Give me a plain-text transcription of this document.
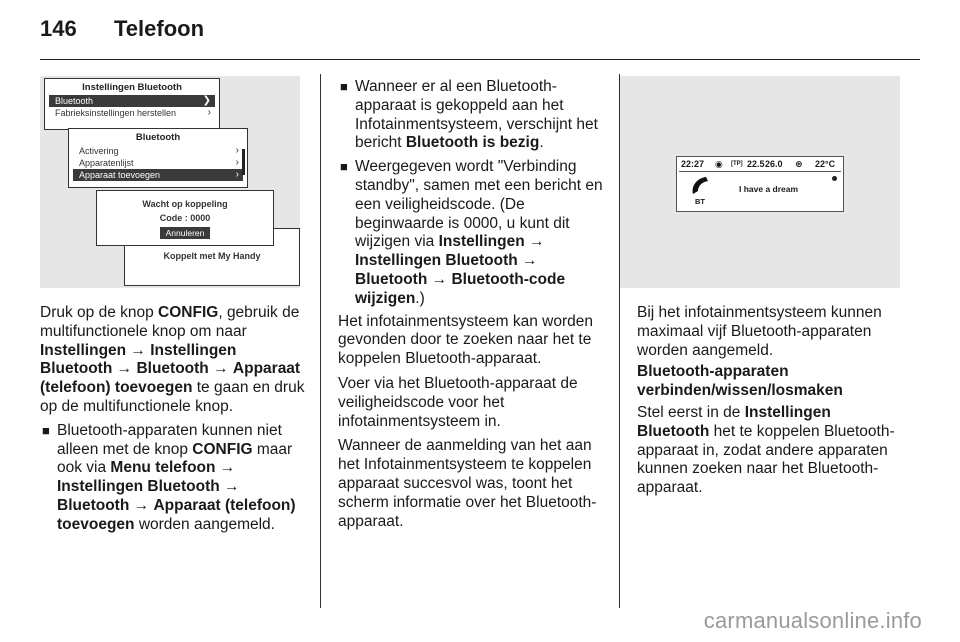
146 Telefoon
Instellingen Bluetooth
Bluetooth	❯
Fabrieksinstellingen herstellen	›
Bluetooth
Activering	›
Apparatenlijst	›
Apparaat toevoegen	›
Koppelt met My Handy
Wacht op koppeling
Code : 0000
Annuleren
22:27 ◉ [TP] 22.5 26.0 ⊛ 22°C
I have a dream
BT

Druk op de knop CONFIG, gebruik de multifunctionele knop om naar Instellingen → Instellingen Bluetooth → Bluetooth → Apparaat (telefoon) toevoegen te gaan en druk op de multifunctionele knop.

■ Bluetooth-apparaten kunnen niet alleen met de knop CONFIG maar ook via Menu telefoon → Instellingen Bluetooth → Bluetooth → Apparaat (telefoon) toevoegen worden aangemeld.
■ Wanneer er al een Bluetooth-apparaat is gekoppeld aan het Infotainmentsysteem, verschijnt het bericht Bluetooth is bezig.
■ Weergegeven wordt "Verbinding standby", samen met een bericht en een veiligheidscode. (De beginwaarde is 0000, u kunt dit wijzigen via Instellingen → Instellingen Bluetooth → Bluetooth → Bluetooth-code wijzigen.)

Het infotainmentsysteem kan worden gevonden door te zoeken naar het te koppelen Bluetooth-apparaat.

Voer via het Bluetooth-apparaat de veiligheidscode voor het infotainmentsysteem in.

Wanneer de aanmelding van het aan het Infotainmentsysteem te koppelen apparaat succesvol was, toont het scherm informatie over het Bluetooth-apparaat.

Bij het infotainmentsysteem kunnen maximaal vijf Bluetooth-apparaten worden aangemeld.

Bluetooth-apparaten verbinden/wissen/losmaken

Stel eerst in de Instellingen Bluetooth het te koppelen Bluetooth-apparaat in, zodat andere apparaten kunnen zoeken naar het Bluetooth-apparaat.

carmanualsonline.info
